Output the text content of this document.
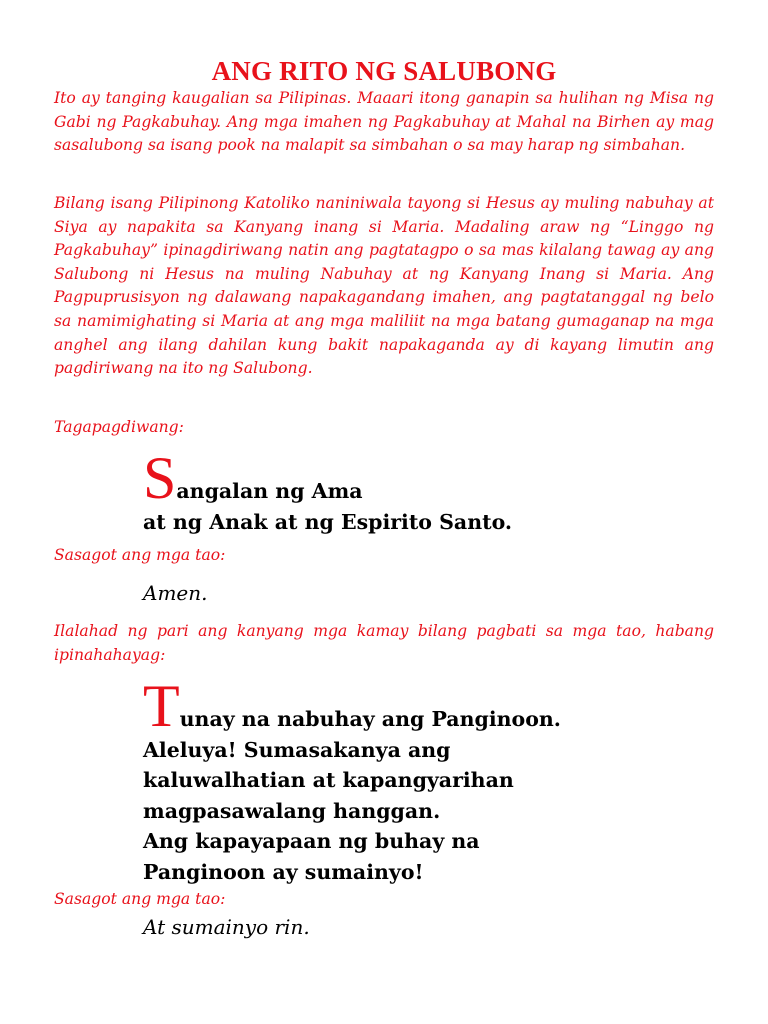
ANG RITO NG SALUBONG
Ito ay tanging kaugalian sa Pilipinas. Maaari itong ganapin sa hulihan ng Misa ng Gabi ng Pagkabuhay. Ang mga imahen ng Pagkabuhay at Mahal na Birhen ay mag sasalubong sa isang pook na malapit sa simbahan o sa may harap ng simbahan.
Bilang isang Pilipinong Katoliko naniniwala tayong si Hesus ay muling nabuhay at Siya ay napakita sa Kanyang inang si Maria. Madaling araw ng “Linggo ng Pagkabuhay” ipinagdiriwang natin ang pagtatagpo o sa mas kilalang tawag ay ang Salubong ni Hesus na muling Nabuhay at ng Kanyang Inang si Maria. Ang Pagpuprusisyon ng dalawang napakagandang imahen, ang pagtatanggal ng belo sa namimighating si Maria at ang mga maliliit na mga batang gumaganap na mga anghel ang ilang dahilan kung bakit napakaganda ay di kayang limutin ang pagdiriwang na ito ng Salubong.
Tagapagdiwang:
Sangalan ng Ama
at ng Anak at ng Espirito Santo.
Sasagot ang mga tao:
Amen.
Ilalahad ng pari ang kanyang mga kamay bilang pagbati sa mga tao, habang ipinahahayag:
Tunay na nabuhay ang Panginoon.
Aleluya! Sumasakanya ang
kaluwalhatian at kapangyarihan
magpasawalang hanggan.
Ang kapayapaan ng buhay na
Panginoon ay sumainyo!
Sasagot ang mga tao:
At sumainyo rin.
